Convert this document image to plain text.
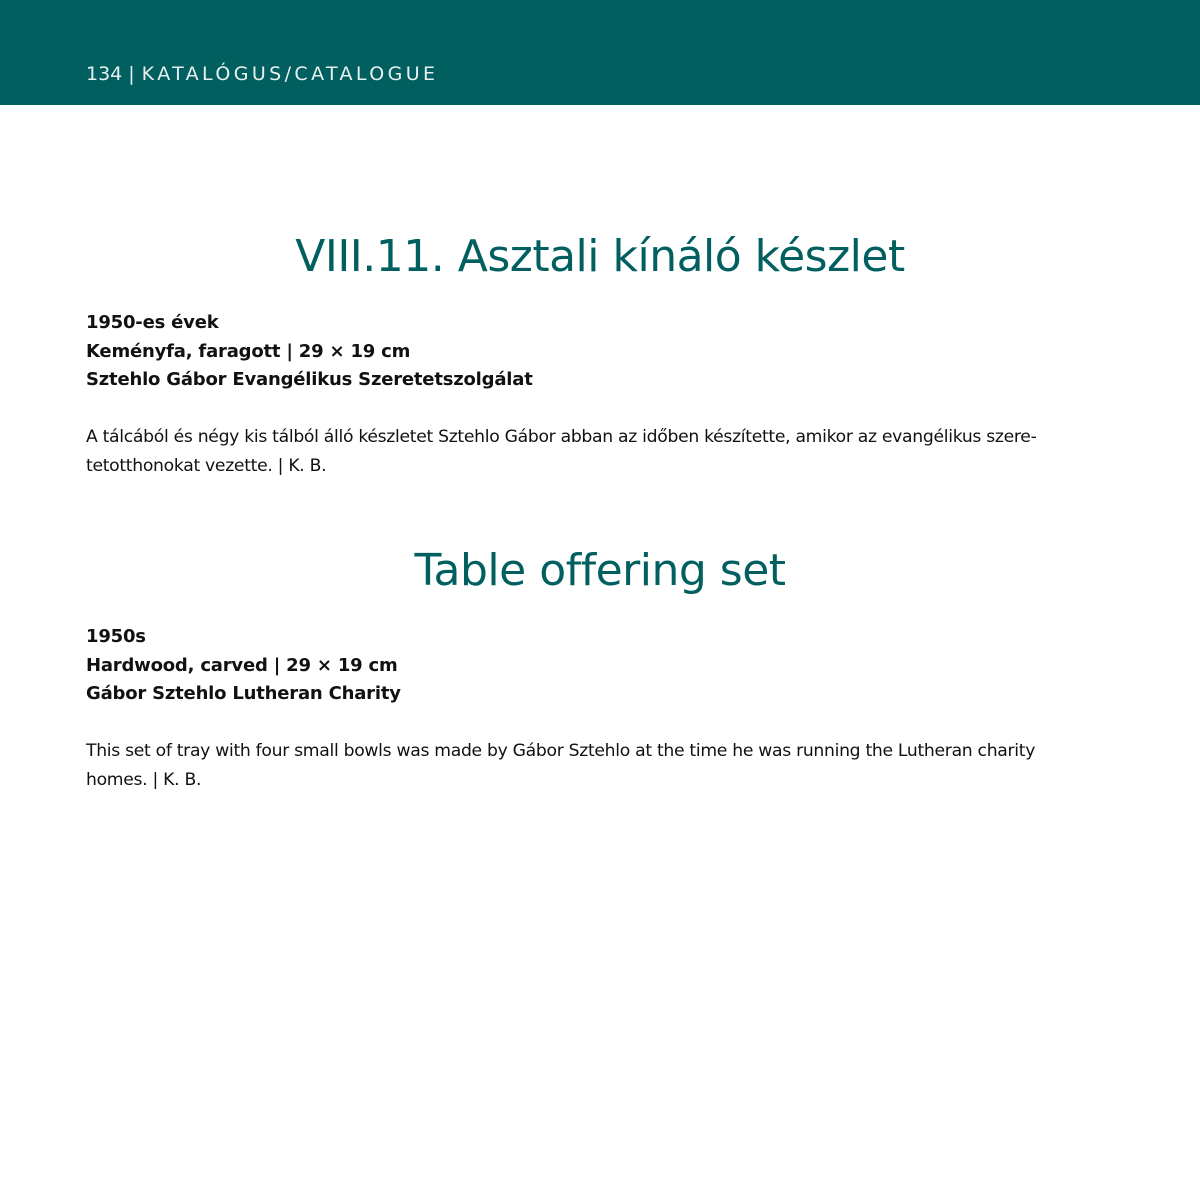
134 | KATALÓGUS/CATALOGUE
VIII.11. Asztali kínáló készlet
1950-es évek
Keményfa, faragott | 29 × 19 cm
Sztehlo Gábor Evangélikus Szeretetszolgálat
A tálcából és négy kis tálból álló készletet Sztehlo Gábor abban az időben készítette, amikor az evangélikus szere-
tetotthonokat vezette. | K. B.
Table offering set
1950s
Hardwood, carved | 29 × 19 cm
Gábor Sztehlo Lutheran Charity
This set of tray with four small bowls was made by Gábor Sztehlo at the time he was running the Lutheran charity
homes. | K. B.
